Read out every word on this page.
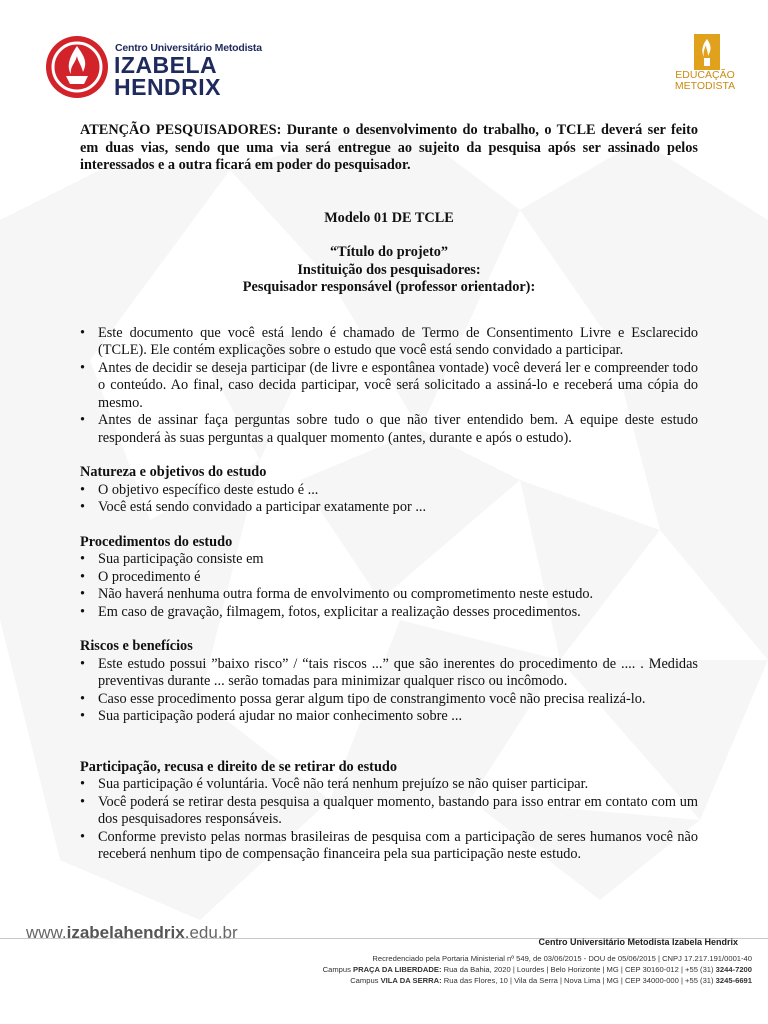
Centro Universitário Metodista
IZABELA
HENDRIX	EDUCAÇÃO
METODISTA

ATENÇÃO PESQUISADORES: Durante o desenvolvimento do trabalho, o TCLE deverá ser feito em duas vias, sendo que uma via será entregue ao sujeito da pesquisa após ser assinado pelos interessados e a outra ficará em poder do pesquisador.

Modelo 01 DE TCLE

“Título do projeto”

Instituição dos pesquisadores:

Pesquisador responsável (professor orientador):

• Este documento que você está lendo é chamado de Termo de Consentimento Livre e Esclarecido (TCLE). Ele contém explicações sobre o estudo que você está sendo convidado a participar.
• Antes de decidir se deseja participar (de livre e espontânea vontade) você deverá ler e compreender todo o conteúdo. Ao final, caso decida participar, você será solicitado a assiná-lo e receberá uma cópia do mesmo.
• Antes de assinar faça perguntas sobre tudo o que não tiver entendido bem. A equipe deste estudo responderá às suas perguntas a qualquer momento (antes, durante e após o estudo).

Natureza e objetivos do estudo

• O objetivo específico deste estudo é ...
• Você está sendo convidado a participar exatamente por ...

Procedimentos do estudo

• Sua participação consiste em
• O procedimento é
• Não haverá nenhuma outra forma de envolvimento ou comprometimento neste estudo.
• Em caso de gravação, filmagem, fotos, explicitar a realização desses procedimentos.

Riscos e benefícios

• Este estudo possui ”baixo risco” / “tais riscos ...” que são inerentes do procedimento de .... . Medidas preventivas durante ... serão tomadas para minimizar qualquer risco ou incômodo.
• Caso esse procedimento possa gerar algum tipo de constrangimento você não precisa realizá-lo.
• Sua participação poderá ajudar no maior conhecimento sobre ...

Participação, recusa e direito de se retirar do estudo

• Sua participação é voluntária. Você não terá nenhum prejuízo se não quiser participar.
• Você poderá se retirar desta pesquisa a qualquer momento, bastando para isso entrar em contato com um dos pesquisadores responsáveis.
• Conforme previsto pelas normas brasileiras de pesquisa com a participação de seres humanos você não receberá nenhum tipo de compensação financeira pela sua participação neste estudo.
www.izabelahendrix.edu.br	Centro Universitário Metodista Izabela Hendrix
Recredenciado pela Portaria Ministerial nº 549, de 03/06/2015 - DOU de 05/06/2015 | CNPJ 17.217.191/0001-40
Campus PRAÇA DA LIBERDADE: Rua da Bahia, 2020 | Lourdes | Belo Horizonte | MG | CEP 30160-012 | +55 (31) 3244-7200
Campus VILA DA SERRA: Rua das Flores, 10 | Vila da Serra | Nova Lima | MG | CEP 34000-000 | +55 (31) 3245-6691
